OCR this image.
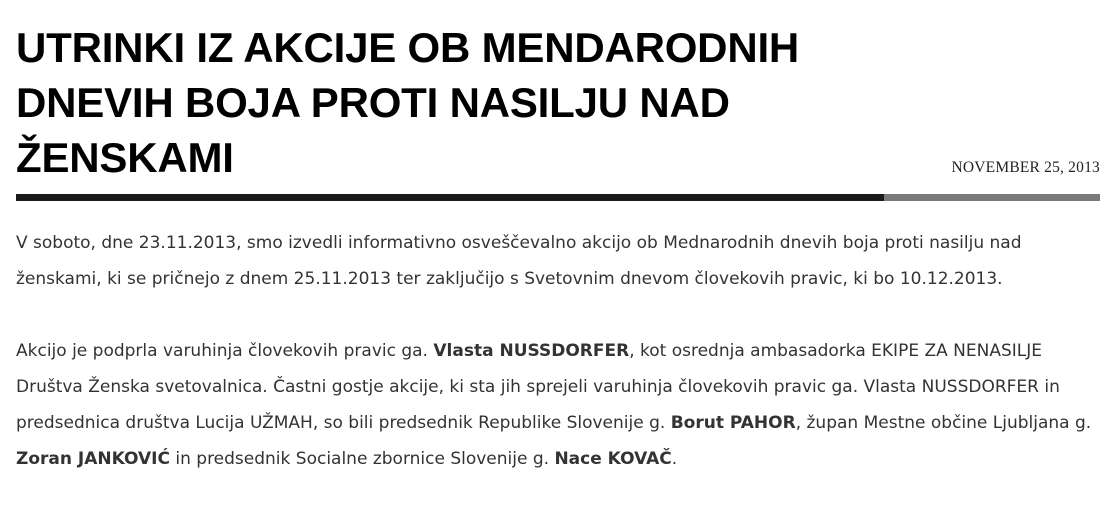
UTRINKI IZ AKCIJE OB MENDARODNIH DNEVIH BOJA PROTI NASILJU NAD ŽENSKAMI	NOVEMBER 25, 2013

V soboto, dne 23.11.2013, smo izvedli informativno osveščevalno akcijo ob Mednarodnih dnevih boja proti nasilju nad ženskami, ki se pričnejo z dnem 25.11.2013 ter zaključijo s Svetovnim dnevom človekovih pravic, ki bo 10.12.2013.

Akcijo je podprla varuhinja človekovih pravic ga. Vlasta NUSSDORFER, kot osrednja ambasadorka EKIPE ZA NENASILJE Društva Ženska svetovalnica. Častni gostje akcije, ki sta jih sprejeli varuhinja človekovih pravic ga. Vlasta NUSSDORFER in predsednica društva Lucija UŽMAH, so bili predsednik Republike Slovenije g. Borut PAHOR, župan Mestne občine Ljubljana g. Zoran JANKOVIĆ in predsednik Socialne zbornice Slovenije g. Nace KOVAČ.
